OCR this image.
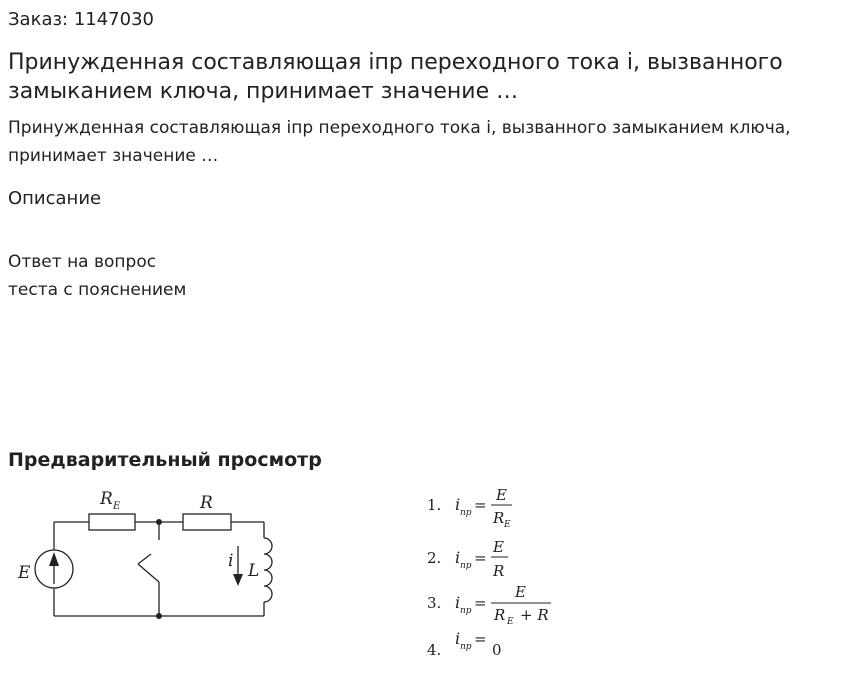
Заказ: 1147030
Принужденная составляющая iпр переходного тока i, вызванного замыканием ключа, принимает значение …

Принужденная составляющая iпр переходного тока i, вызванного замыканием ключа, принимает значение …

Описание
Ответ на вопрос
теста с пояснением
Предварительный просмотр
E
R E	R
i L
1. i пр =
E
R E
2. i пр =
E
R
3. i пр =
E
R E + R
4.
i пр =
0
